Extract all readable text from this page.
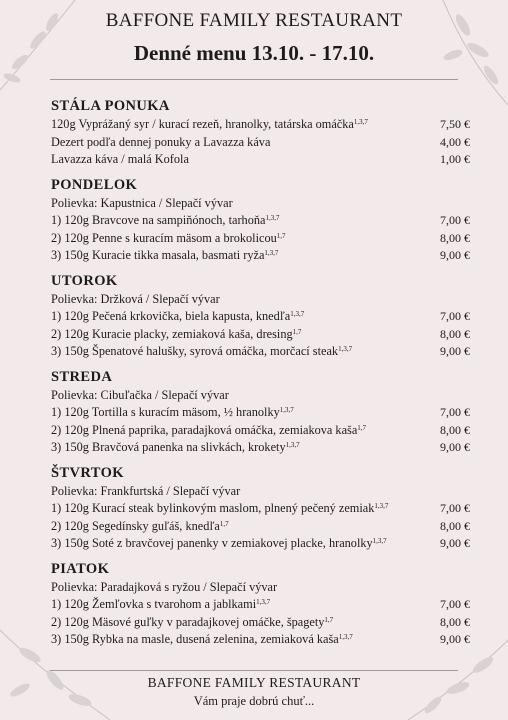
BAFFONE FAMILY RESTAURANT
Denné menu 13.10. - 17.10.
STÁLA PONUKA
120g Vyprážaný syr / kurací rezeň, hranolky, tatárska omáčka$^{1,3,7}$	7,50 €
Dezert podľa dennej ponuky a Lavazza káva	4,00 €
Lavazza káva / malá Kofola	1,00 €
PONDELOK
Polievka: Kapustnica / Slepačí vývar
1) 120g Bravcove na sampiňónoch, tarhoňa$^{1,3,7}$	7,00 €
2) 120g Penne s kuracím mäsom a brokolicou$^{1,7}$	8,00 €
3) 150g Kuracie tikka masala, basmati ryža$^{1,3,7}$	9,00 €
UTOROK
Polievka: Držková / Slepačí vývar
1) 120g Pečená krkovička, biela kapusta, knedľa$^{1,3,7}$	7,00 €
2) 120g Kuracie placky, zemiaková kaša, dresing$^{1,7}$	8,00 €
3) 150g Špenatové halušky, syrová omáčka, morčací steak$^{1,3,7}$	9,00 €
STREDA
Polievka: Cibuľačka / Slepačí vývar
1) 120g Tortilla s kuracím mäsom, ½ hranolky$^{1,3,7}$	7,00 €
2) 120g Plnená paprika, paradajková omáčka, zemiakova kaša$^{1,7}$	8,00 €
3) 150g Bravčová panenka na slivkách, krokety$^{1,3,7}$	9,00 €
ŠTVRTOK
Polievka: Frankfurtská / Slepačí vývar
1) 120g Kurací steak bylinkovým maslom, plnený pečený zemiak$^{1,3,7}$	7,00 €
2) 120g Segedínsky guľáš, knedľa$^{1,7}$	8,00 €
3) 150g Soté z bravčovej panenky v zemiakovej placke, hranolky$^{1,3,7}$	9,00 €
PIATOK
Polievka: Paradajková s ryžou / Slepačí vývar
1) 120g Žemľovka s tvarohom a jablkami$^{1,3,7}$	7,00 €
2) 120g Mäsové guľky v paradajkovej omáčke, špagety$^{1,7}$	8,00 €
3) 150g Rybka na masle, dusená zelenina, zemiaková kaša$^{1,3,7}$	9,00 €
BAFFONE FAMILY RESTAURANT
Vám praje dobrú chuť...
